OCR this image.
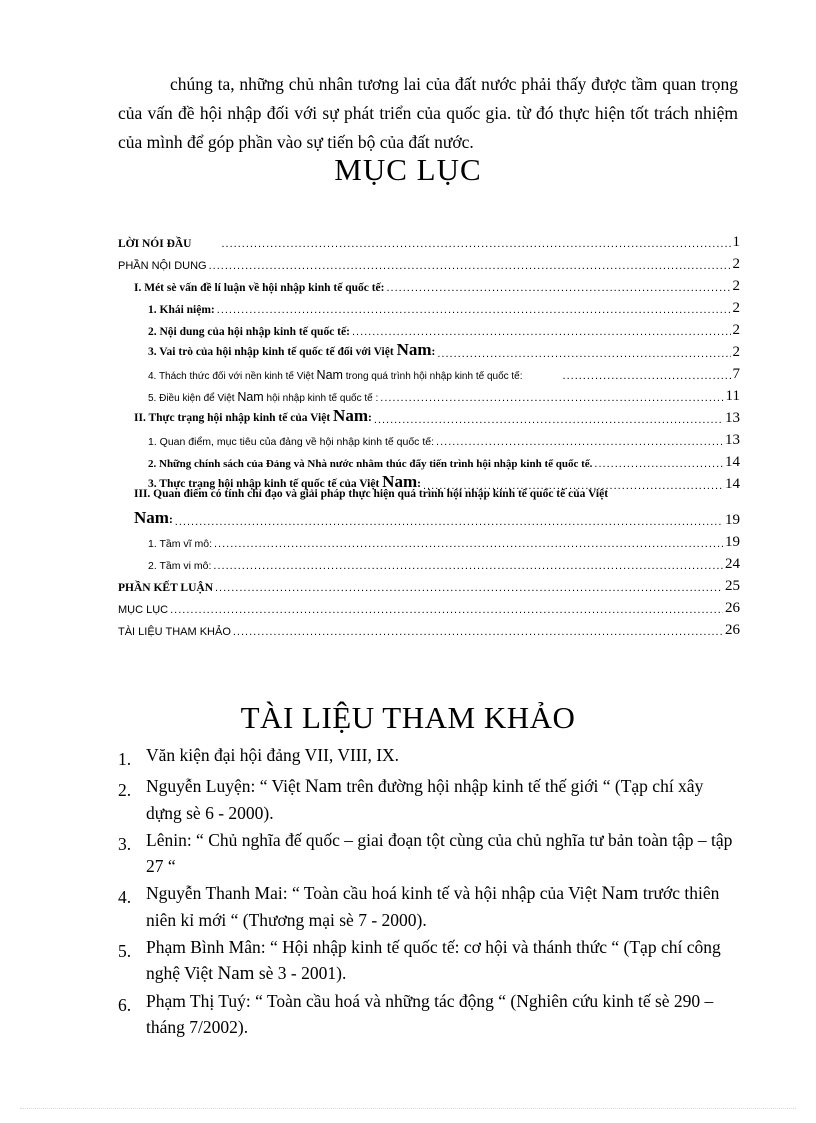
chúng ta, những chủ nhân tương lai của đất nước phải thấy được tầm quan trọng của vấn đề hội nhập đối với sự phát triển của quốc gia. từ đó thực hiện tốt trách nhiệm của mình để góp phần vào sự tiến bộ của đất nước.

MỤC LỤC
LỜI NÓI ĐẦU .....	1
PHẦN NỘI DUNG .....	2
I. Mét sè vấn đề lí luận về hội nhập kinh tế quốc tế: .....	2
1. Khái niệm: .....	2
2. Nội dung của hội nhập kinh tế quốc tế: .....	2
3. Vai trò của hội nhập kinh tế quốc tế đối với Việt Nam: .....	2
4. Thách thức đối với nền kinh tế Việt Nam trong quá trình hội nhập kinh tế quốc tế: .....	7
5. Điều kiện để Việt Nam hội nhập kinh tế quốc tế : .....	11
II. Thực trạng hội nhập kinh tế của Việt Nam: .....	13
1. Quan điểm, mục tiêu của đảng về hội nhập kinh tế quốc tế: .....	13
2. Những chính sách của Đảng và Nhà nước nhằm thúc đẩy tiến trình hội nhập kinh tế quốc tế. .....	14
3. Thực trạng hội nhập kinh tế quốc tế của Việt Nam: .....	14
III. Quan điểm có tính chỉ đạo và giải pháp thực hiện quá trình hội nhập kinh tế quốc tế của Việt
Nam: .....	19
1. Tầm vĩ mô: .....	19
2. Tầm vi mô: .....	24
PHẦN KẾT LUẬN .....	25
MỤC LỤC .....	26
TÀI LIỆU THAM KHẢO .....	26
TÀI LIỆU THAM KHẢO
1. Văn kiện đại hội đảng VII, VIII, IX.
2. Nguyễn Luyện: “ Việt Nam trên đường hội nhập kinh tế thế giới “ (Tạp chí xây dựng sè 6 - 2000).
3. Lênin: “ Chủ nghĩa đế quốc – giai đoạn tột cùng của chủ nghĩa tư bản toàn tập – tập 27 “
4. Nguyễn Thanh Mai: “ Toàn cầu hoá kinh tế và hội nhập của Việt Nam trước thiên niên kỉ mới “ (Thương mại sè 7 - 2000).
5. Phạm Bình Mân: “ Hội nhập kinh tế quốc tế: cơ hội và thánh thức “ (Tạp chí công nghệ Việt Nam sè 3 - 2001).
6. Phạm Thị Tuý: “ Toàn cầu hoá và những tác động “ (Nghiên cứu kinh tế sè 290 – tháng 7/2002).
